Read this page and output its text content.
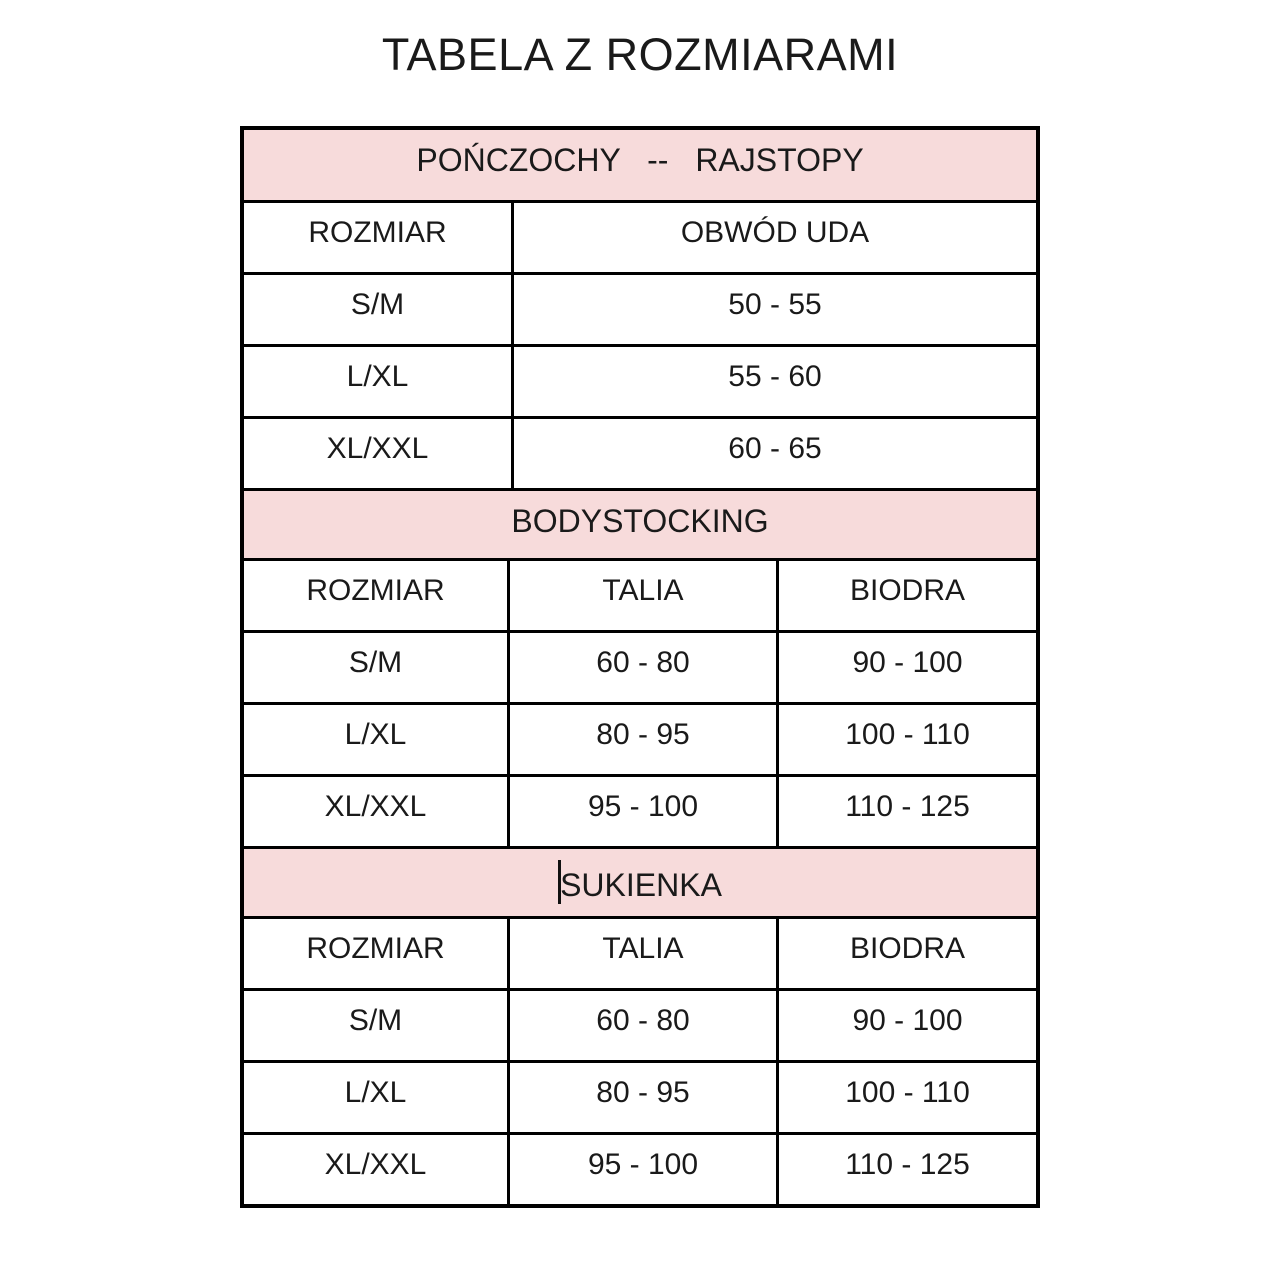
TABELA Z ROZMIARAMI
POŃCZOCHY -- RAJSTOPY
ROZMIAR	OBWÓD UDA
S/M	50 - 55
L/XL	55 - 60
XL/XXL	60 - 65
BODYSTOCKING
ROZMIAR	TALIA	BIODRA
S/M	60 - 80	90 - 100
L/XL	80 - 95	100 - 110
XL/XXL	95 - 100	110 - 125
SUKIENKA
ROZMIAR	TALIA	BIODRA
S/M	60 - 80	90 - 100
L/XL	80 - 95	100 - 110
XL/XXL	95 - 100	110 - 125
